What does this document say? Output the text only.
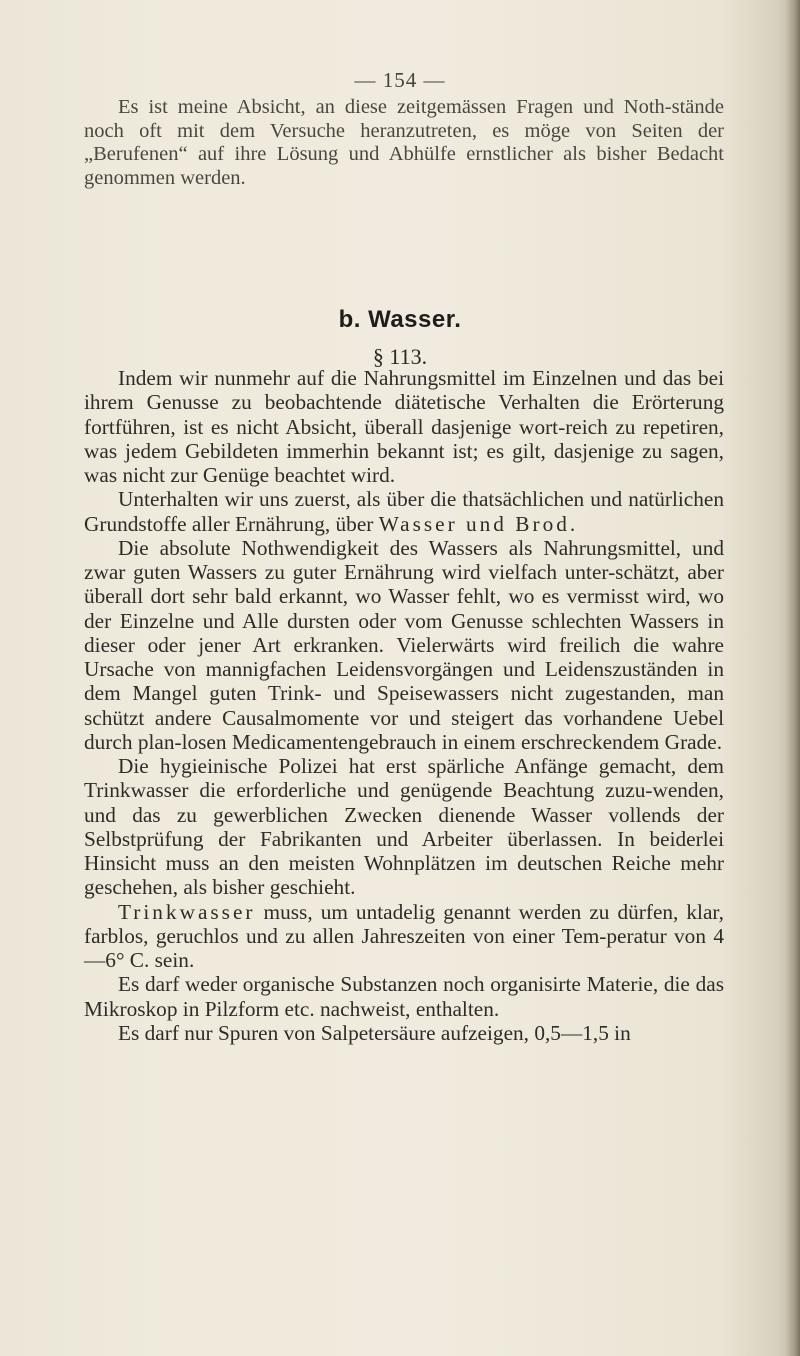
— 154 —

Es ist meine Absicht, an diese zeitgemässen Fragen und Noth-stände noch oft mit dem Versuche heranzutreten, es möge von Seiten der „Berufenen“ auf ihre Lösung und Abhülfe ernstlicher als bisher Bedacht genommen werden.

b. Wasser.
§ 113.

Indem wir nunmehr auf die Nahrungsmittel im Einzelnen und das bei ihrem Genusse zu beobachtende diätetische Verhalten die Erörterung fortführen, ist es nicht Absicht, überall dasjenige wort-reich zu repetiren, was jedem Gebildeten immerhin bekannt ist; es gilt, dasjenige zu sagen, was nicht zur Genüge beachtet wird.

Unterhalten wir uns zuerst, als über die thatsächlichen und natürlichen Grundstoffe aller Ernährung, über Wasser und Brod.

Die absolute Nothwendigkeit des Wassers als Nahrungsmittel, und zwar guten Wassers zu guter Ernährung wird vielfach unter-schätzt, aber überall dort sehr bald erkannt, wo Wasser fehlt, wo es vermisst wird, wo der Einzelne und Alle dursten oder vom Genusse schlechten Wassers in dieser oder jener Art erkranken. Vielerwärts wird freilich die wahre Ursache von mannigfachen Leidensvorgängen und Leidenszuständen in dem Mangel guten Trink- und Speisewassers nicht zugestanden, man schützt andere Causalmomente vor und steigert das vorhandene Uebel durch plan-losen Medicamentengebrauch in einem erschreckendem Grade.

Die hygieinische Polizei hat erst spärliche Anfänge gemacht, dem Trinkwasser die erforderliche und genügende Beachtung zuzu-wenden, und das zu gewerblichen Zwecken dienende Wasser vollends der Selbstprüfung der Fabrikanten und Arbeiter überlassen. In beiderlei Hinsicht muss an den meisten Wohnplätzen im deutschen Reiche mehr geschehen, als bisher geschieht.

Trinkwasser muss, um untadelig genannt werden zu dürfen, klar, farblos, geruchlos und zu allen Jahreszeiten von einer Tem-peratur von 4—6° C. sein.

Es darf weder organische Substanzen noch organisirte Materie, die das Mikroskop in Pilzform etc. nachweist, enthalten.

Es darf nur Spuren von Salpetersäure aufzeigen, 0,5—1,5 in
